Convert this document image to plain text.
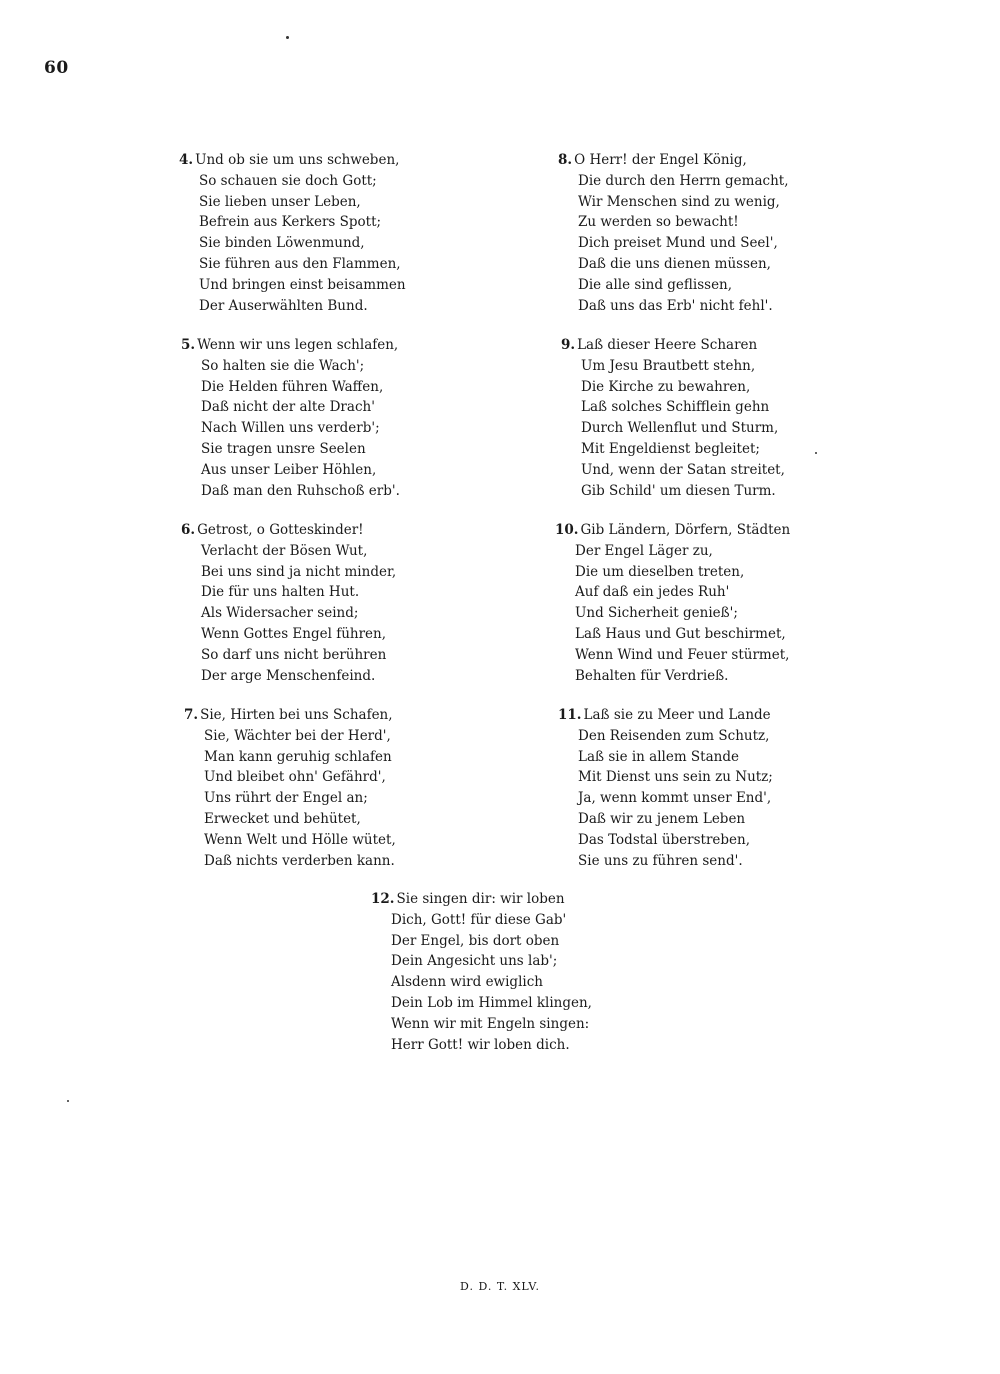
60
4. Und ob sie um uns schweben,
So schauen sie doch Gott;
Sie lieben unser Leben,
Befrein aus Kerkers Spott;
Sie binden Löwenmund,
Sie führen aus den Flammen,
Und bringen einst beisammen
Der Auserwählten Bund.
5. Wenn wir uns legen schlafen,
So halten sie die Wach';
Die Helden führen Waffen,
Daß nicht der alte Drach'
Nach Willen uns verderb';
Sie tragen unsre Seelen
Aus unser Leiber Höhlen,
Daß man den Ruhschoß erb'.
6. Getrost, o Gotteskinder!
Verlacht der Bösen Wut,
Bei uns sind ja nicht minder,
Die für uns halten Hut.
Als Widersacher seind;
Wenn Gottes Engel führen,
So darf uns nicht berühren
Der arge Menschenfeind.
7. Sie, Hirten bei uns Schafen,
Sie, Wächter bei der Herd',
Man kann geruhig schlafen
Und bleibet ohn' Gefährd',
Uns rührt der Engel an;
Erwecket und behütet,
Wenn Welt und Hölle wütet,
Daß nichts verderben kann.
8. O Herr! der Engel König,
Die durch den Herrn gemacht,
Wir Menschen sind zu wenig,
Zu werden so bewacht!
Dich preiset Mund und Seel',
Daß die uns dienen müssen,
Die alle sind geflissen,
Daß uns das Erb' nicht fehl'.
9. Laß dieser Heere Scharen
Um Jesu Brautbett stehn,
Die Kirche zu bewahren,
Laß solches Schifflein gehn
Durch Wellenflut und Sturm,
Mit Engeldienst begleitet;
Und, wenn der Satan streitet,
Gib Schild' um diesen Turm.
10. Gib Ländern, Dörfern, Städten
Der Engel Läger zu,
Die um dieselben treten,
Auf daß ein jedes Ruh'
Und Sicherheit genieß';
Laß Haus und Gut beschirmet,
Wenn Wind und Feuer stürmet,
Behalten für Verdrieß.
11. Laß sie zu Meer und Lande
Den Reisenden zum Schutz,
Laß sie in allem Stande
Mit Dienst uns sein zu Nutz;
Ja, wenn kommt unser End',
Daß wir zu jenem Leben
Das Todstal überstreben,
Sie uns zu führen send'.
12. Sie singen dir: wir loben
Dich, Gott! für diese Gab'
Der Engel, bis dort oben
Dein Angesicht uns lab';
Alsdenn wird ewiglich
Dein Lob im Himmel klingen,
Wenn wir mit Engeln singen:
Herr Gott! wir loben dich.
D. D. T. XLV.
